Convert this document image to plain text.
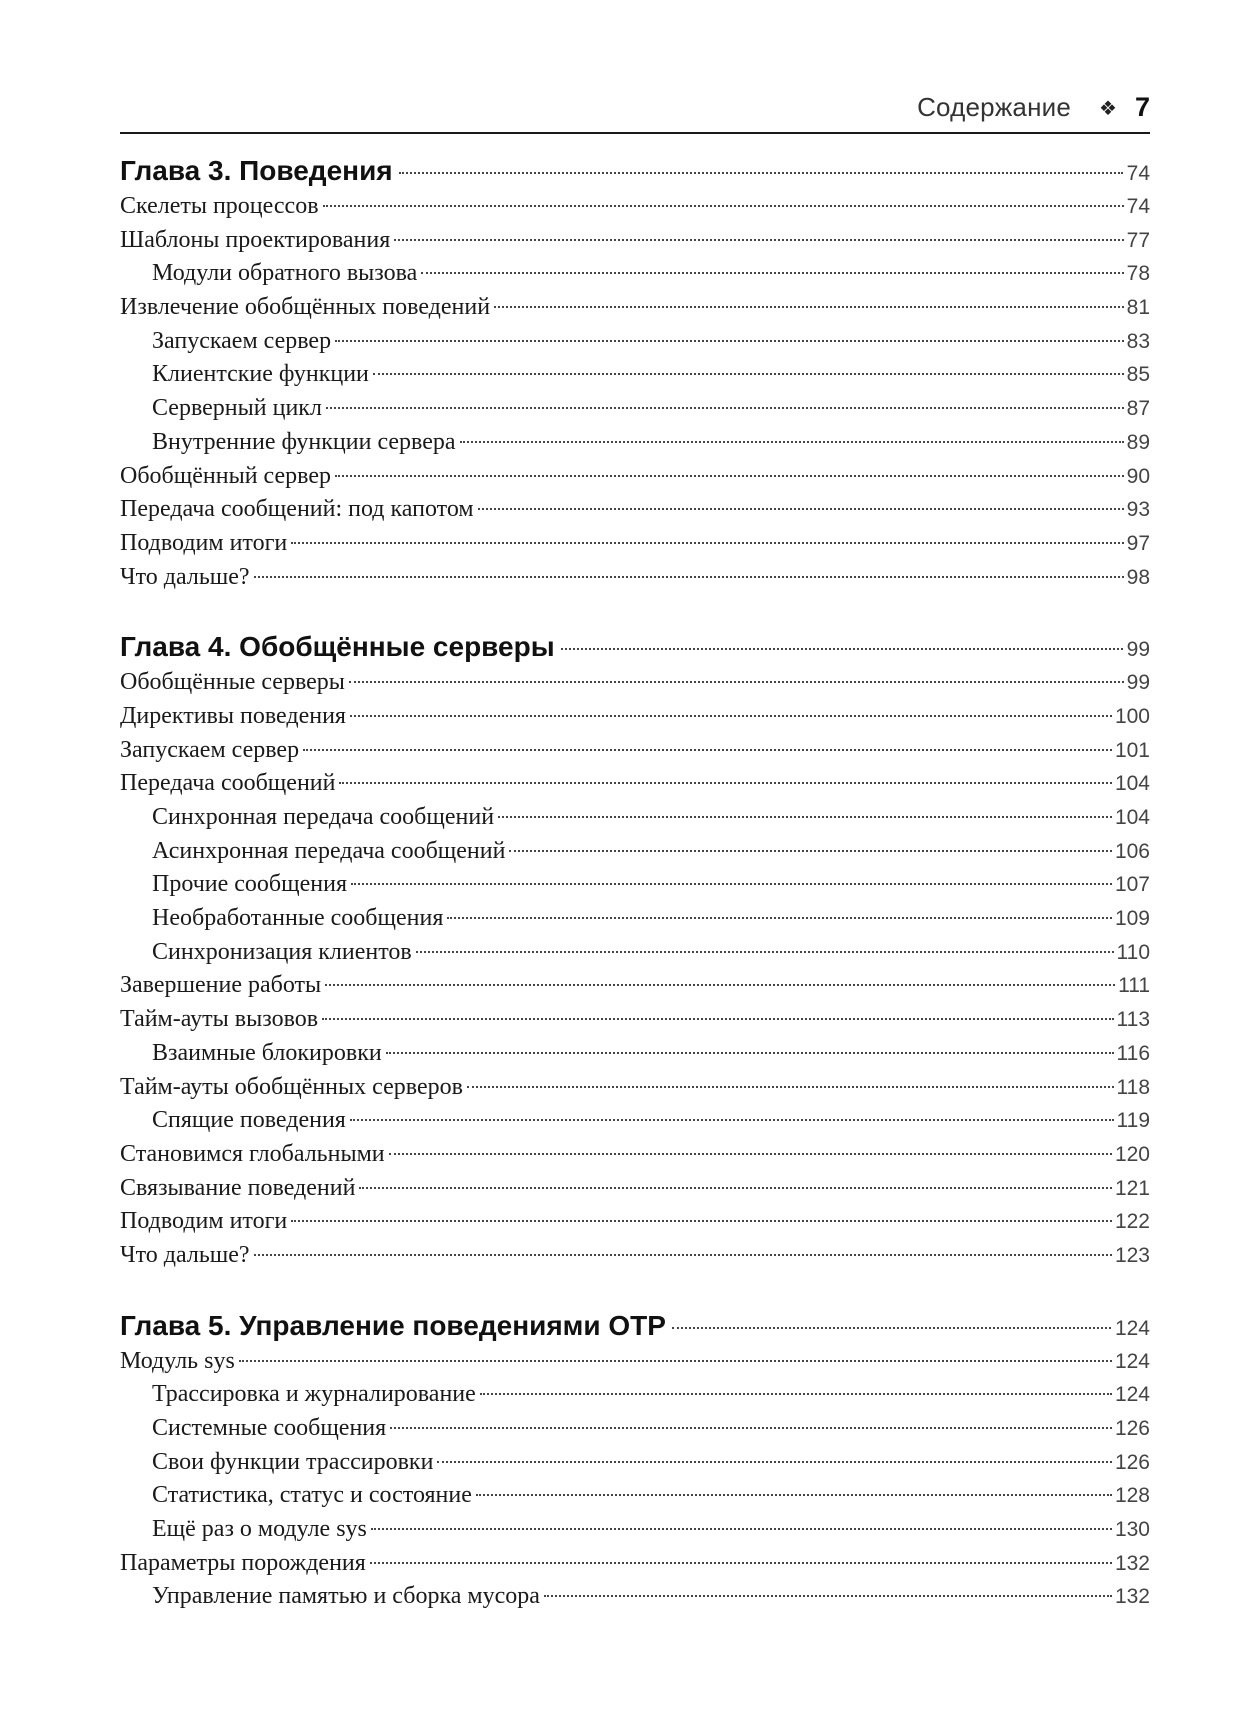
Содержание ❖ 7
Глава 3. Поведения	74
Скелеты процессов	74
Шаблоны проектирования	77
Модули обратного вызова	78
Извлечение обобщённых поведений	81
Запускаем сервер	83
Клиентские функции	85
Серверный цикл	87
Внутренние функции сервера	89
Обобщённый сервер	90
Передача сообщений: под капотом	93
Подводим итоги	97
Что дальше?	98
Глава 4. Обобщённые серверы	99
Обобщённые серверы	99
Директивы поведения	100
Запускаем сервер	101
Передача сообщений	104
Синхронная передача сообщений	104
Асинхронная передача сообщений	106
Прочие сообщения	107
Необработанные сообщения	109
Синхронизация клиентов	110
Завершение работы	111
Тайм-ауты вызовов	113
Взаимные блокировки	116
Тайм-ауты обобщённых серверов	118
Спящие поведения	119
Становимся глобальными	120
Связывание поведений	121
Подводим итоги	122
Что дальше?	123
Глава 5. Управление поведениями OTP	124
Модуль sys	124
Трассировка и журналирование	124
Системные сообщения	126
Свои функции трассировки	126
Статистика, статус и состояние	128
Ещё раз о модуле sys	130
Параметры порождения	132
Управление памятью и сборка мусора	132
